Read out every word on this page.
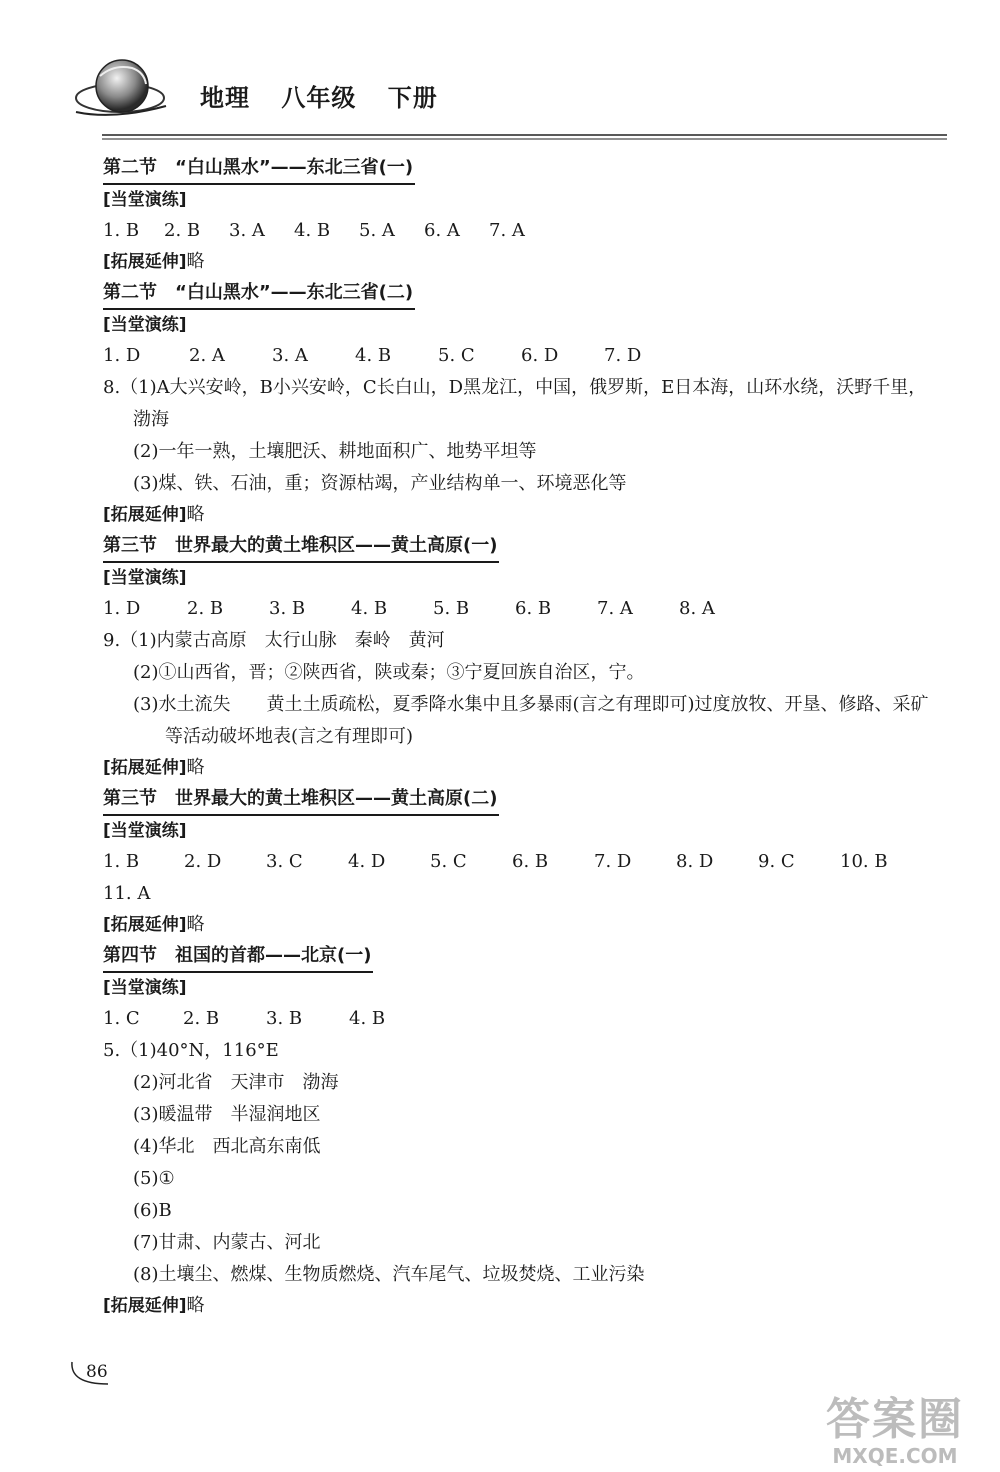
地理 八年级 下册
第二节　“白山黑水”——东北三省(一)
[当堂演练]
1. B	2. B	3. A	4. B	5. A	6. A	7. A
[拓展延伸]略
第二节　“白山黑水”——东北三省(二)
[当堂演练]
1. D	2. A	3. A	4. B	5. C	6. D	7. D
8.（1)A大兴安岭，B小兴安岭，C长白山，D黑龙江，中国，俄罗斯，E日本海，山环水绕，沃野千里，渤海
(2)一年一熟，土壤肥沃、耕地面积广、地势平坦等
(3)煤、铁、石油，重；资源枯竭，产业结构单一、环境恶化等
[拓展延伸]略
第三节　世界最大的黄土堆积区——黄土高原(一)
[当堂演练]
1. D	2. B	3. B	4. B	5. B	6. B	7. A	8. A
9.（1)内蒙古高原　太行山脉　秦岭　黄河
(2)①山西省，晋；②陕西省，陕或秦；③宁夏回族自治区，宁。
(3)水土流失　　黄土土质疏松，夏季降水集中且多暴雨(言之有理即可)过度放牧、开垦、修路、采矿等活动破坏地表(言之有理即可)
[拓展延伸]略
第三节　世界最大的黄土堆积区——黄土高原(二)
[当堂演练]
1. B	2. D	3. C	4. D	5. C	6. B	7. D	8. D	9. C	10. B
11. A
[拓展延伸]略
第四节　祖国的首都——北京(一)
[当堂演练]
1. C	2. B	3. B	4. B
5.（1)40°N，116°E
(2)河北省　天津市　渤海
(3)暖温带　半湿润地区
(4)华北　西北高东南低
(5)①
(6)B
(7)甘肃、内蒙古、河北
(8)土壤尘、燃煤、生物质燃烧、汽车尾气、垃圾焚烧、工业污染
[拓展延伸]略
86
答案圈
MXQE.COM
